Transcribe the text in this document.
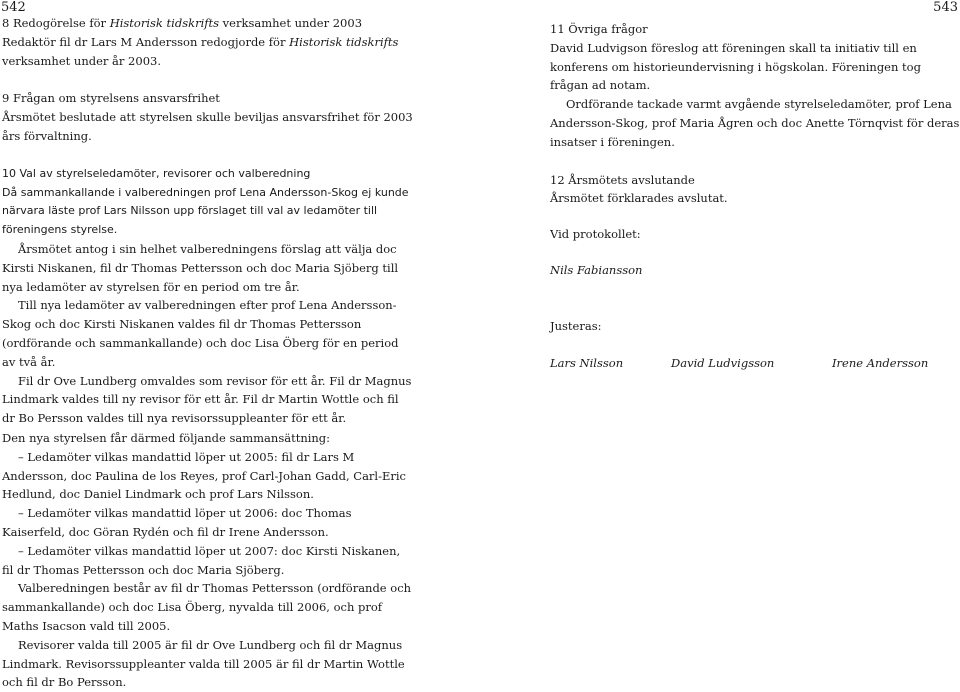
542	543

8 Redogörelse för Historisk tidskrifts verksamhet under 2003

Redaktör fil dr Lars M Andersson redogjorde för Historisk tidskrifts verksamhet under år 2003.

9 Frågan om styrelsens ansvarsfrihet

Årsmötet beslutade att styrelsen skulle beviljas ansvarsfrihet för 2003 års förvaltning.

10 Val av styrelseledamöter, revisorer och valberedning

Då sammankallande i valberedningen prof Lena Andersson-Skog ej kunde närvara läste prof Lars Nilsson upp förslaget till val av ledamöter till föreningens styrelse.

Årsmötet antog i sin helhet valberedningens förslag att välja doc Kirsti Niskanen, fil dr Thomas Pettersson och doc Maria Sjöberg till nya ledamöter av styrelsen för en period om tre år.

Till nya ledamöter av valberedningen efter prof Lena Andersson-Skog och doc Kirsti Niskanen valdes fil dr Thomas Pettersson (ordförande och sammankallande) och doc Lisa Öberg för en period av två år.

Fil dr Ove Lundberg omvaldes som revisor för ett år. Fil dr Magnus Lindmark valdes till ny revisor för ett år. Fil dr Martin Wottle och fil dr Bo Persson valdes till nya revisorssuppleanter för ett år.

Den nya styrelsen får därmed följande sammansättning:

– Ledamöter vilkas mandattid löper ut 2005: fil dr Lars M Andersson, doc Paulina de los Reyes, prof Carl-Johan Gadd, Carl-Eric Hedlund, doc Daniel Lindmark och prof Lars Nilsson.

– Ledamöter vilkas mandattid löper ut 2006: doc Thomas Kaiserfeld, doc Göran Rydén och fil dr Irene Andersson.

– Ledamöter vilkas mandattid löper ut 2007: doc Kirsti Niskanen, fil dr Thomas Pettersson och doc Maria Sjöberg.

Valberedningen består av fil dr Thomas Pettersson (ordförande och sammankallande) och doc Lisa Öberg, nyvalda till 2006, och prof Maths Isacson vald till 2005.

Revisorer valda till 2005 är fil dr Ove Lundberg och fil dr Magnus Lindmark. Revisorssuppleanter valda till 2005 är fil dr Martin Wottle och fil dr Bo Persson.

11 Övriga frågor

David Ludvigson föreslog att föreningen skall ta initiativ till en konferens om historieundervisning i högskolan. Föreningen tog frågan ad notam.

Ordförande tackade varmt avgående styrelseledamöter, prof Lena Andersson-Skog, prof Maria Ågren och doc Anette Törnqvist för deras insatser i föreningen.

12 Årsmötets avslutande

Årsmötet förklarades avslutat.

Vid protokollet:
Nils Fabiansson
Justeras:
Lars Nilsson	David Ludvigsson	Irene Andersson
